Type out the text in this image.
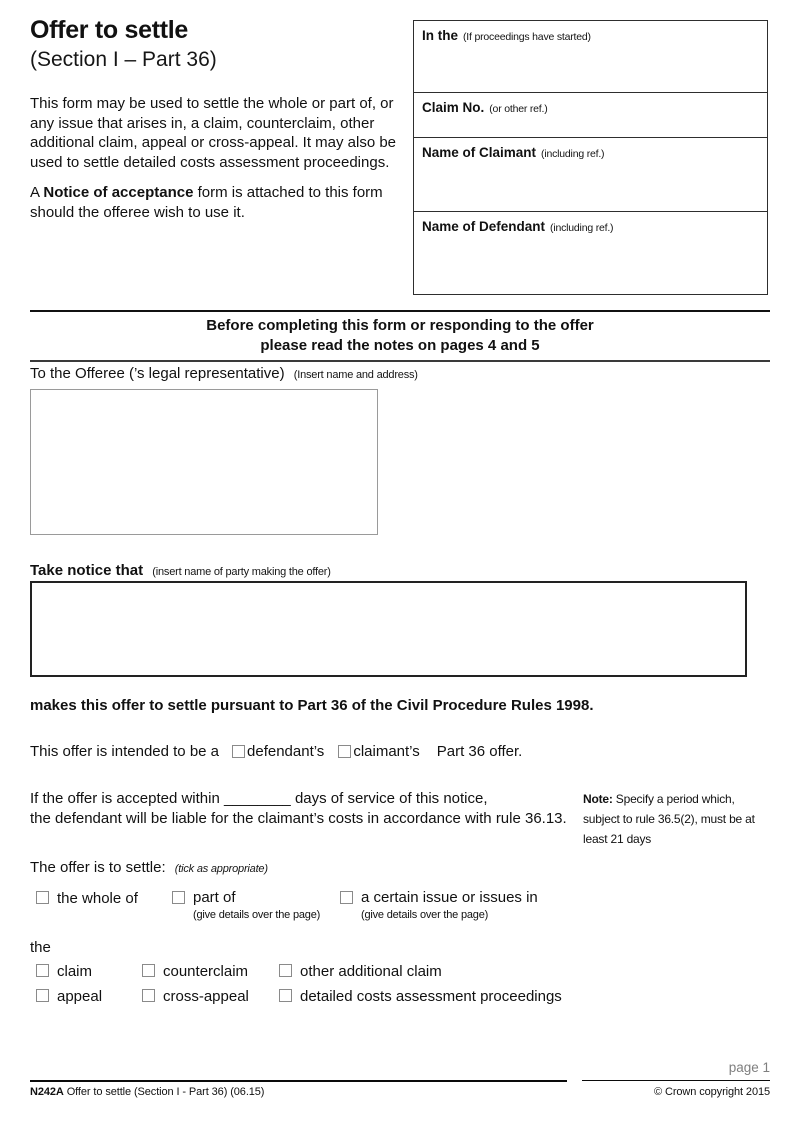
Offer to settle
(Section I – Part 36)
This form may be used to settle the whole or part of, or any issue that arises in, a claim, counterclaim, other additional claim, appeal or cross-appeal. It may also be used to settle detailed costs assessment proceedings.
A Notice of acceptance form is attached to this form should the offeree wish to use it.
In the (If proceedings have started)
Claim No. (or other ref.)
Name of Claimant (including ref.)
Name of Defendant (including ref.)
Before completing this form or responding to the offer
please read the notes on pages 4 and 5
To the Offeree (’s legal representative) (Insert name and address)
Take notice that (insert name of party making the offer)
makes this offer to settle pursuant to Part 36 of the Civil Procedure Rules 1998.
This offer is intended to be a defendant’s claimant’s Part 36 offer.
If the offer is accepted within ________ days of service of this notice,
the defendant will be liable for the claimant’s costs in accordance with rule 36.13.
Note: Specify a period which, subject to rule 36.5(2), must be at least 21 days
The offer is to settle: (tick as appropriate)
the whole of	part of
(give details over the page)
a certain issue or issues in
(give details over the page)
the
claim	counterclaim	other additional claim
appeal	cross-appeal	detailed costs assessment proceedings
page 1
N242A Offer to settle (Section I - Part 36) (06.15)	© Crown copyright 2015
